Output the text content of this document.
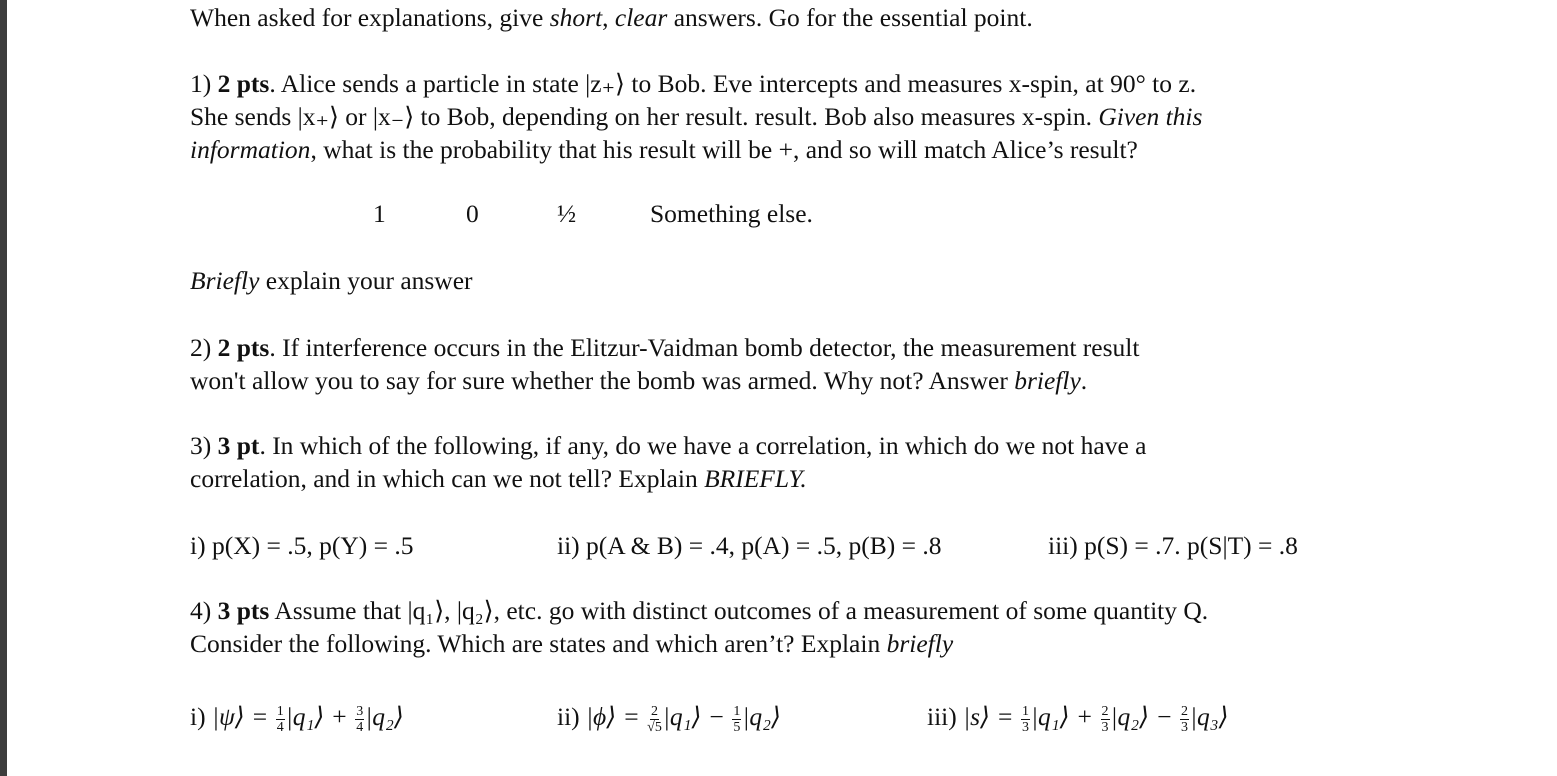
When asked for explanations, give short, clear answers. Go for the essential point.
1) 2 pts. Alice sends a particle in state |z₊⟩ to Bob. Eve intercepts and measures x-spin, at 90° to z.
She sends |x₊⟩ or |x₋⟩ to Bob, depending on her result. result. Bob also measures x-spin. Given this
information, what is the probability that his result will be +, and so will match Alice’s result?
1	0	½	Something else.
Briefly explain your answer
2) 2 pts. If interference occurs in the Elitzur-Vaidman bomb detector, the measurement result
won't allow you to say for sure whether the bomb was armed. Why not? Answer briefly.
3) 3 pt. In which of the following, if any, do we have a correlation, in which do we not have a
correlation, and in which can we not tell? Explain BRIEFLY.
i) p(X) = .5, p(Y) = .5	ii) p(A & B) = .4, p(A) = .5, p(B) = .8	iii) p(S) = .7. p(S|T) = .8
4) 3 pts Assume that |q₁⟩, |q₂⟩, etc. go with distinct outcomes of a measurement of some quantity Q.
Consider the following. Which are states and which aren’t? Explain briefly
i) |ψ⟩ = $\frac{1}{4}$ |q₁⟩ + $\frac{3}{4}$ |q₂⟩	ii) |ϕ⟩ = $\frac{2}{√5}$ |q₁⟩ − $\frac{1}{5}$ |q₂⟩	iii) |s⟩ = $\frac{1}{3}$ |q₁⟩ + $\frac{2}{3}$ |q₂⟩ − $\frac{2}{3}$ |q₃⟩
